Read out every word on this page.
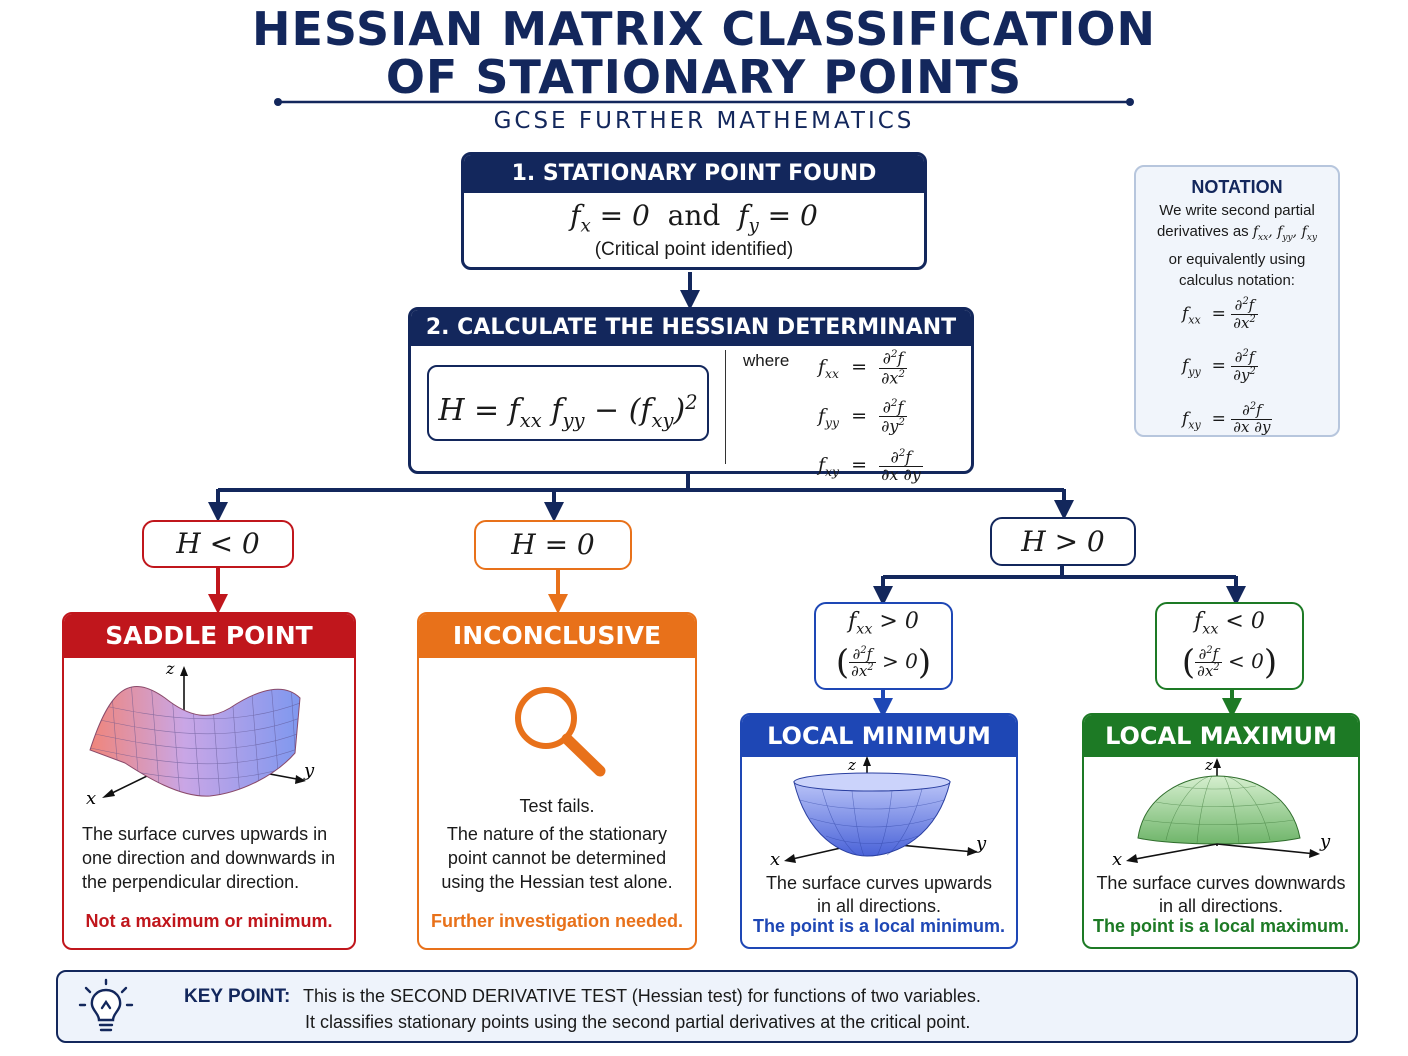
HESSIAN MATRIX CLASSIFICATION
OF STATIONARY POINTS
GCSE FURTHER MATHEMATICS
1. STATIONARY POINT FOUND
$f_x = 0$  and  $f_y = 0$
(Critical point identified)
2. CALCULATE THE HESSIAN DETERMINANT
$H = f_{xx}$ $f_{yy} - (f_{xy})^2$
where $f_{xx} = \frac{\partial^2f}{\partial x^2}$
$f_{yy} = \frac{\partial^2f}{\partial y^2}$
$f_{xy} = \frac{\partial^2f}{\partial x \partial y}$
NOTATION
We write second partial
derivatives as $f_{xx}$, $f_{yy}$, $f_{xy}$
or equivalently using
calculus notation:
$f_{xx} = \frac{\partial^2f}{\partial x^2}$
$f_{yy} = \frac{\partial^2f}{\partial y^2}$
$f_{xy} = \frac{\partial^2f}{\partial x \partial y}$
H < 0	H = 0	H > 0
$f_{xx} > 0$
( $\frac{\partial^2f}{\partial x^2} > 0$)
$f_{xx} < 0$
( $\frac{\partial^2f}{\partial x^2} < 0$)
SADDLE POINT
z
x
y
The surface curves upwards in
one direction and downwards in
the perpendicular direction.
Not a maximum or minimum.
INCONCLUSIVE
Test fails.
The nature of the stationary
point cannot be determined
using the Hessian test alone.
Further investigation needed.
LOCAL MINIMUM
z
x
y
The surface curves upwards
in all directions.
The point is a local minimum.
LOCAL MAXIMUM
z
x
y
The surface curves downwards
in all directions.
The point is a local maximum.
KEY POINT: This is the SECOND DERIVATIVE TEST (Hessian test) for functions of two variables.
It classifies stationary points using the second partial derivatives at the critical point.
